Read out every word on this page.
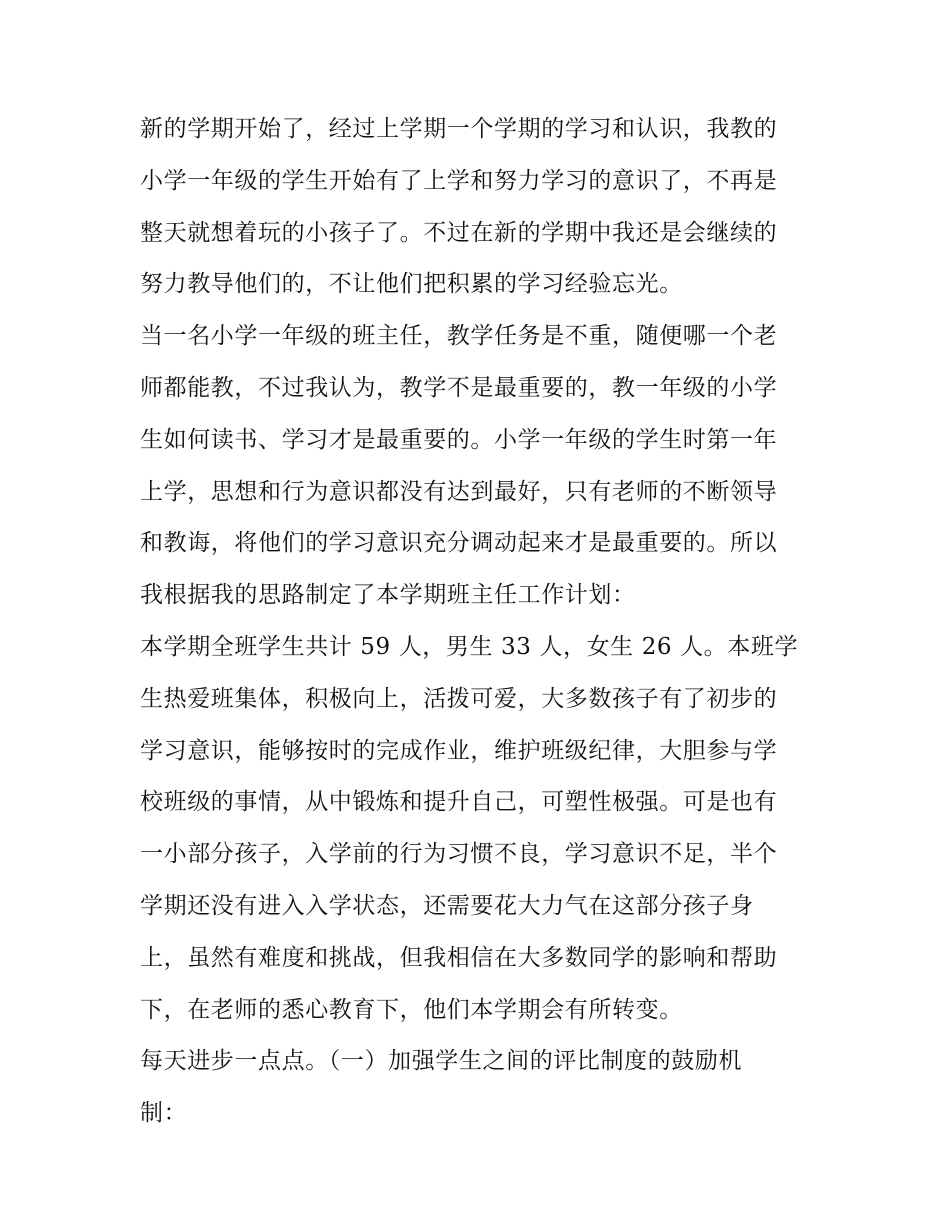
新的学期开始了，经过上学期一个学期的学习和认识，我教的
小学一年级的学生开始有了上学和努力学习的意识了，不再是
整天就想着玩的小孩子了。不过在新的学期中我还是会继续的
努力教导他们的，不让他们把积累的学习经验忘光。
当一名小学一年级的班主任，教学任务是不重，随便哪一个老
师都能教，不过我认为，教学不是最重要的，教一年级的小学
生如何读书、学习才是最重要的。小学一年级的学生时第一年
上学，思想和行为意识都没有达到最好，只有老师的不断领导
和教诲，将他们的学习意识充分调动起来才是最重要的。所以
我根据我的思路制定了本学期班主任工作计划：
本学期全班学生共计 59 人，男生 33 人，女生 26 人。本班学
生热爱班集体，积极向上，活拨可爱，大多数孩子有了初步的
学习意识，能够按时的完成作业，维护班级纪律，大胆参与学
校班级的事情，从中锻炼和提升自己，可塑性极强。可是也有
一小部分孩子，入学前的行为习惯不良，学习意识不足，半个
学期还没有进入入学状态，还需要花大力气在这部分孩子身
上，虽然有难度和挑战，但我相信在大多数同学的影响和帮助
下，在老师的悉心教育下，他们本学期会有所转变。
每天进步一点点。（一）加强学生之间的评比制度的鼓励机
制：
